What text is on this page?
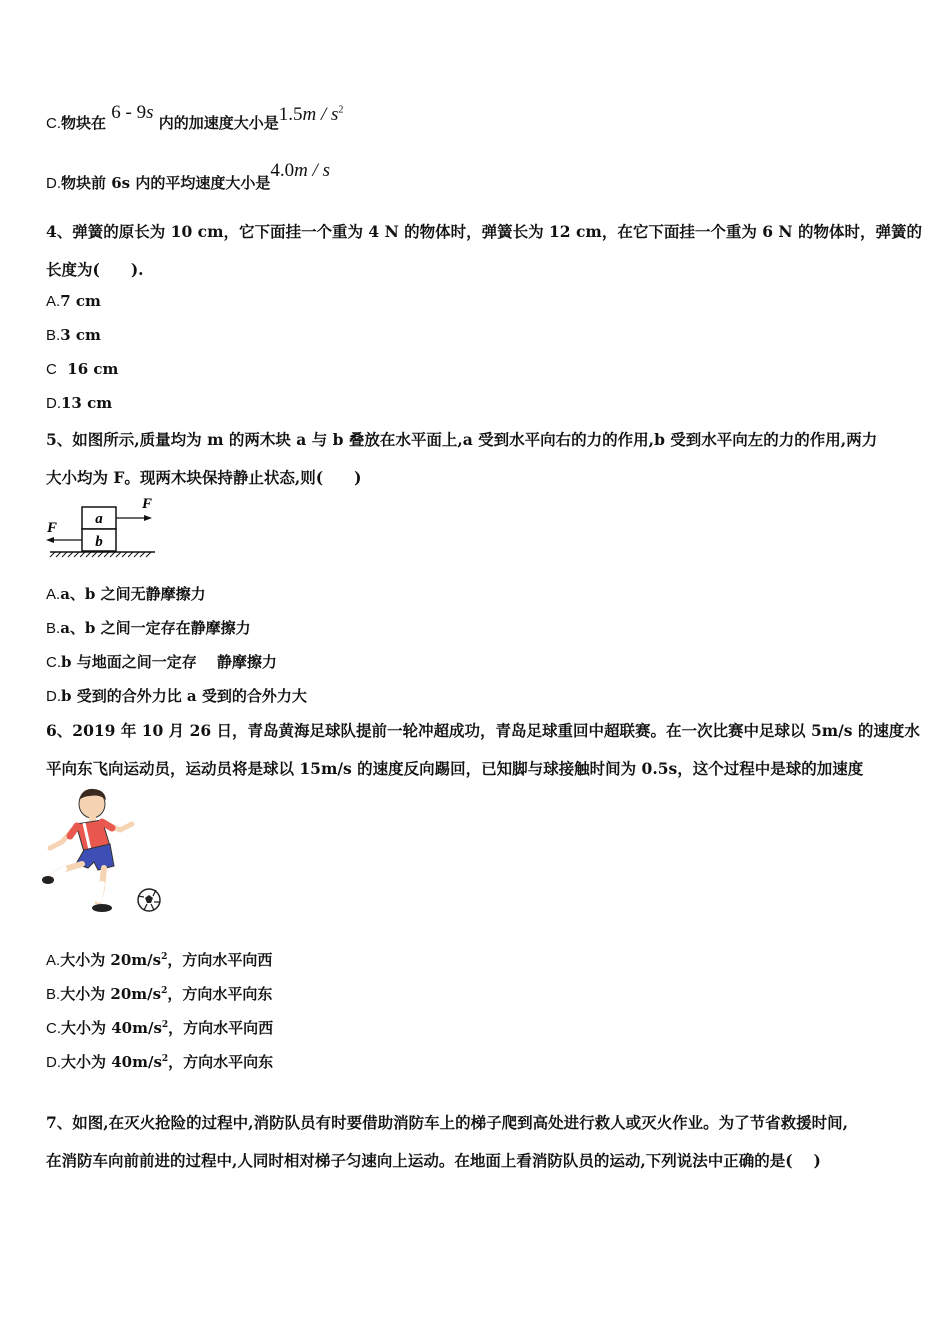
C.物块在 6 - 9s 内的加速度大小是$1.5m / s^2$
D.物块前 6s 内的平均速度大小是4.0m / s
4、弹簧的原长为 10 cm，它下面挂一个重为 4 N 的物体时，弹簧长为 12 cm，在它下面挂一个重为 6 N 的物体时，弹簧的
长度为(　　).
A.7 cm
B.3 cm
C 16 cm
D.13 cm
5、如图所示,质量均为 m 的两木块 a 与 b 叠放在水平面上,a 受到水平向右的力的作用,b 受到水平向左的力的作用,两力
大小均为 F。现两木块保持静止状态,则(　　)
a
b
F
F
A.a、b 之间无静摩擦力
B.a、b 之间一定存在静摩擦力
C.b 与地面之间一定存　 静摩擦力
D.b 受到的合外力比 a 受到的合外力大
6、2019 年 10 月 26 日，青岛黄海足球队提前一轮冲超成功，青岛足球重回中超联赛。在一次比赛中足球以 5m/s 的速度水
平向东飞向运动员，运动员将是球以 15m/s 的速度反向踢回，已知脚与球接触时间为 0.5s，这个过程中是球的加速度
A.大小为 $20m/s^2$，方向水平向西
B.大小为 $20m/s^2$，方向水平向东
C.大小为 $40m/s^2$，方向水平向西
D.大小为 $40m/s^2$，方向水平向东
7、如图,在灭火抢险的过程中,消防队员有时要借助消防车上的梯子爬到高处进行救人或灭火作业。为了节省救援时间,
在消防车向前前进的过程中,人同时相对梯子匀速向上运动。在地面上看消防队员的运动,下列说法中正确的是(　 )
